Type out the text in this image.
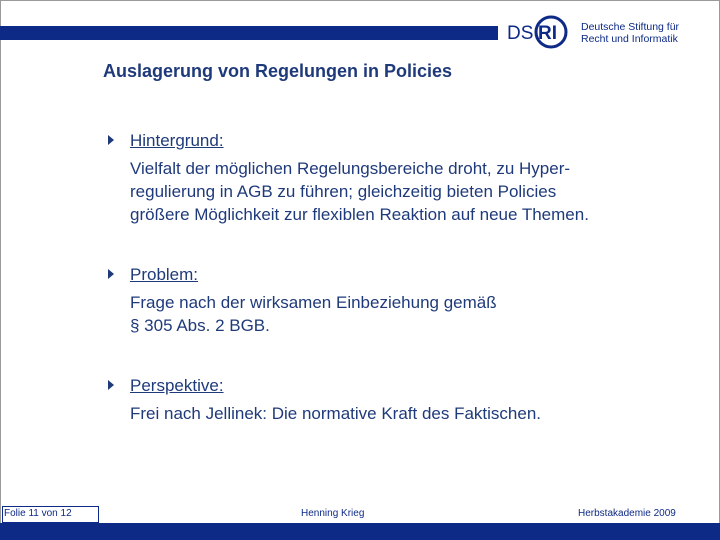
DS RI Deutsche Stiftung für
Recht und Informatik
Auslagerung von Regelungen in Policies
Hintergrund:
Vielfalt der möglichen Regelungsbereiche droht, zu Hyper-
regulierung in AGB zu führen; gleichzeitig bieten Policies
größere Möglichkeit zur flexiblen Reaktion auf neue Themen.
Problem:
Frage nach der wirksamen Einbeziehung gemäß
§ 305 Abs. 2 BGB.
Perspektive:
Frei nach Jellinek: Die normative Kraft des Faktischen.
Folie 11 von 12	Henning Krieg	Herbstakademie 2009
